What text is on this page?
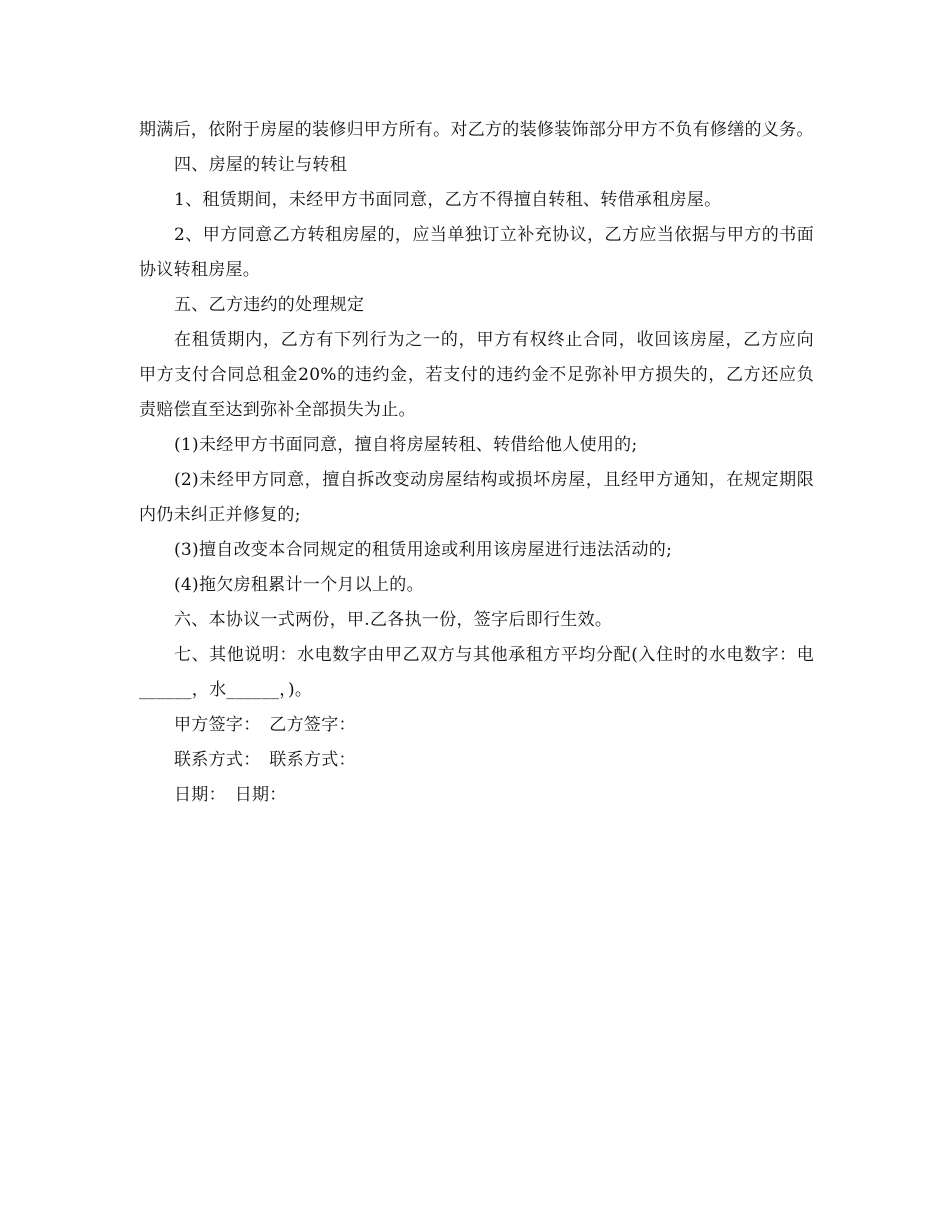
期满后，依附于房屋的装修归甲方所有。对乙方的装修装饰部分甲方不负有修缮的义务。

四、房屋的转让与转租

1、租赁期间，未经甲方书面同意，乙方不得擅自转租、转借承租房屋。

2、甲方同意乙方转租房屋的，应当单独订立补充协议，乙方应当依据与甲方的书面协议转租房屋。

五、乙方违约的处理规定

在租赁期内，乙方有下列行为之一的，甲方有权终止合同，收回该房屋，乙方应向甲方支付合同总租金20%的违约金，若支付的违约金不足弥补甲方损失的，乙方还应负责赔偿直至达到弥补全部损失为止。

(1)未经甲方书面同意，擅自将房屋转租、转借给他人使用的;

(2)未经甲方同意，擅自拆改变动房屋结构或损坏房屋，且经甲方通知，在规定期限内仍未纠正并修复的;

(3)擅自改变本合同规定的租赁用途或利用该房屋进行违法活动的;

(4)拖欠房租累计一个月以上的。

六、本协议一式两份，甲.乙各执一份，签字后即行生效。

七、其他说明：水电数字由甲乙双方与其他承租方平均分配(入住时的水电数字：电______，水______，)。

甲方签字：　乙方签字：

联系方式：　联系方式：

日期：　日期：
